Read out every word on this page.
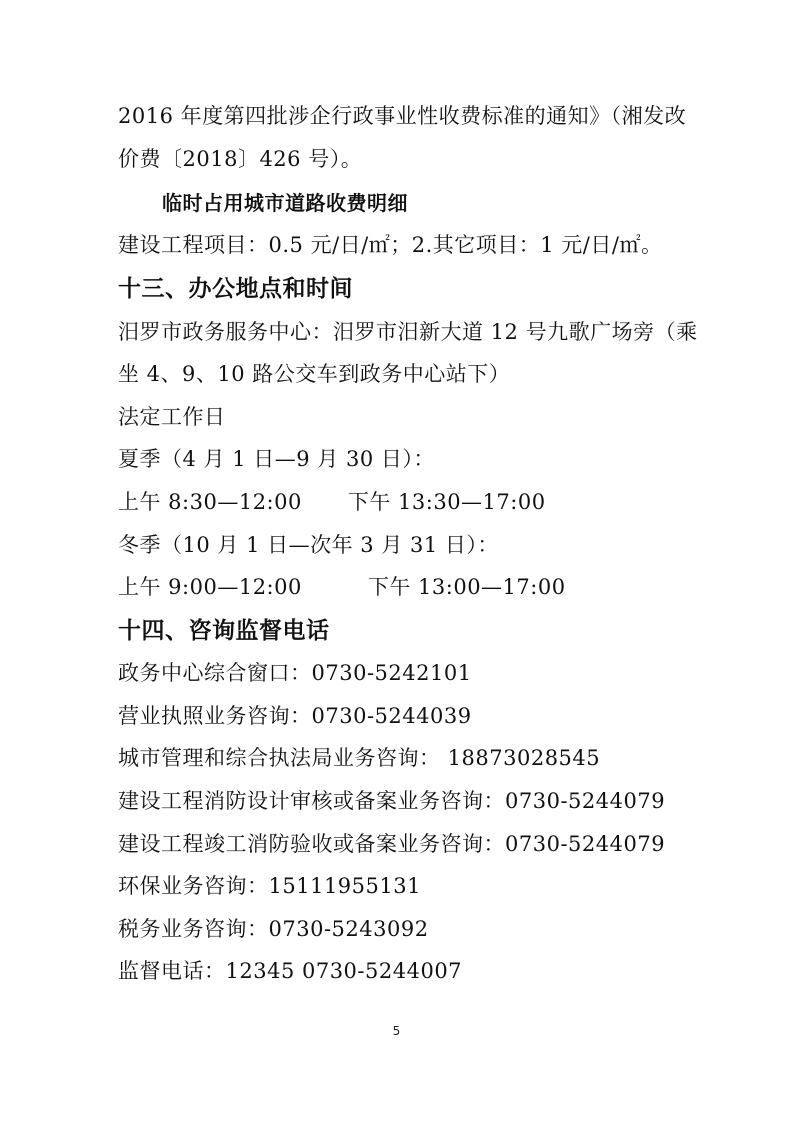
2016 年度第四批涉企行政事业性收费标准的通知》（湘发改
价费〔2018〕426 号）。
临时占用城市道路收费明细
建设工程项目：0.5 元/日/㎡；2.其它项目：1 元/日/㎡。
十三、办公地点和时间
汨罗市政务服务中心：汨罗市汨新大道 12 号九歌广场旁（乘
坐 4、9、10 路公交车到政务中心站下）
法定工作日
夏季（4 月 1 日—9 月 30 日）：
上午 8:30—12:00 下午 13:30—17:00
冬季（10 月 1 日—次年 3 月 31 日）：
上午 9:00—12:00	下午 13:00—17:00
十四、咨询监督电话
政务中心综合窗口：0730-5242101
营业执照业务咨询：0730-5244039
城市管理和综合执法局业务咨询： 18873028545
建设工程消防设计审核或备案业务咨询：0730-5244079
建设工程竣工消防验收或备案业务咨询：0730-5244079
环保业务咨询：15111955131
税务业务咨询：0730-5243092
监督电话：12345 0730-5244007
5
